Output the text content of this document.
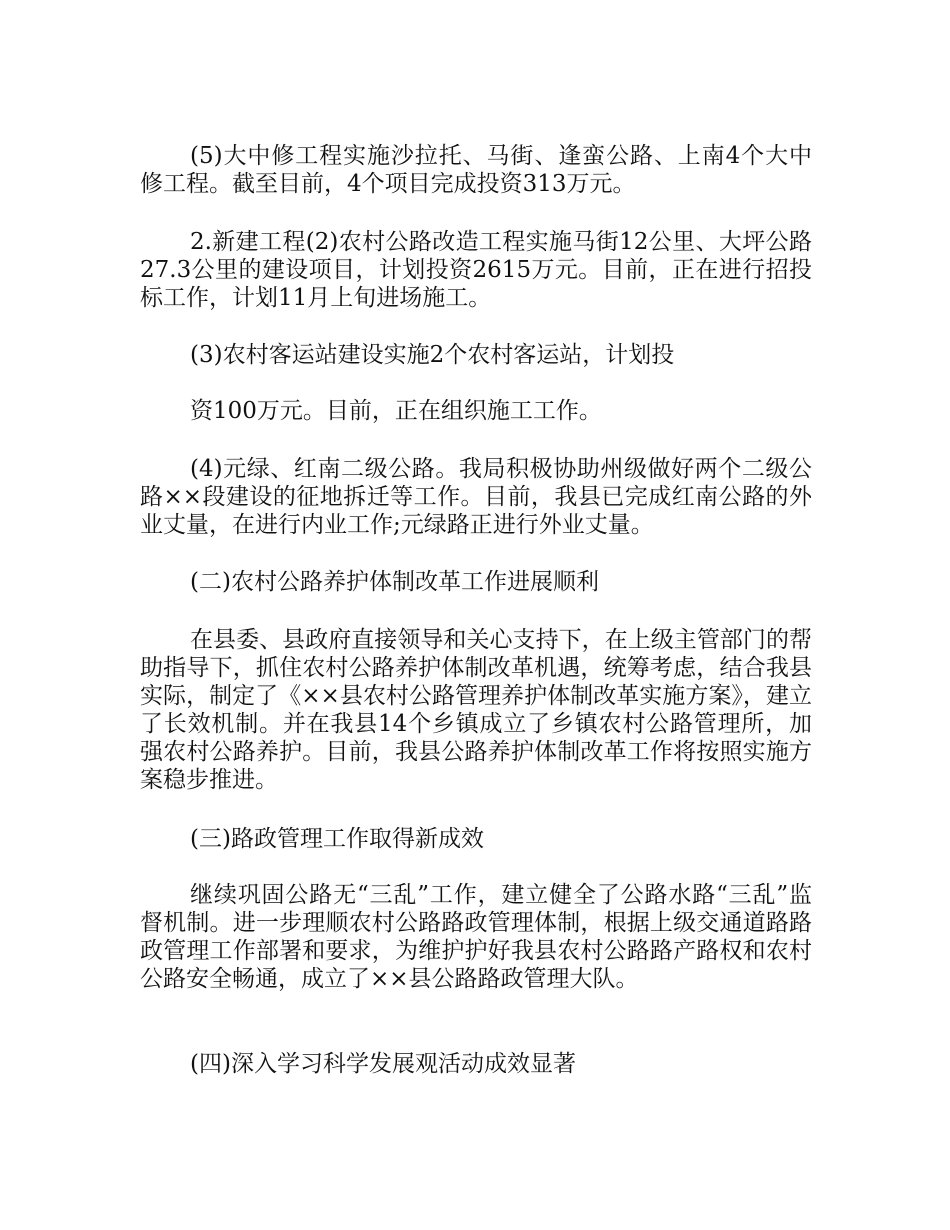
(5)大中修工程实施沙拉托、马街、逢蛮公路、上南4个大中修工程。截至目前，4个项目完成投资313万元。

2.新建工程(2)农村公路改造工程实施马街12公里、大坪公路27.3公里的建设项目，计划投资2615万元。目前，正在进行招投标工作，计划11月上旬进场施工。

(3)农村客运站建设实施2个农村客运站，计划投

资100万元。目前，正在组织施工工作。

(4)元绿、红南二级公路。我局积极协助州级做好两个二级公路××段建设的征地拆迁等工作。目前，我县已完成红南公路的外业丈量，在进行内业工作;元绿路正进行外业丈量。

(二)农村公路养护体制改革工作进展顺利

在县委、县政府直接领导和关心支持下，在上级主管部门的帮助指导下，抓住农村公路养护体制改革机遇，统筹考虑，结合我县实际，制定了《××县农村公路管理养护体制改革实施方案》，建立了长效机制。并在我县14个乡镇成立了乡镇农村公路管理所，加强农村公路养护。目前，我县公路养护体制改革工作将按照实施方案稳步推进。

(三)路政管理工作取得新成效

继续巩固公路无“三乱”工作，建立健全了公路水路“三乱”监督机制。进一步理顺农村公路路政管理体制，根据上级交通道路路政管理工作部署和要求，为维护护好我县农村公路路产路权和农村公路安全畅通，成立了××县公路路政管理大队。

(四)深入学习科学发展观活动成效显著
